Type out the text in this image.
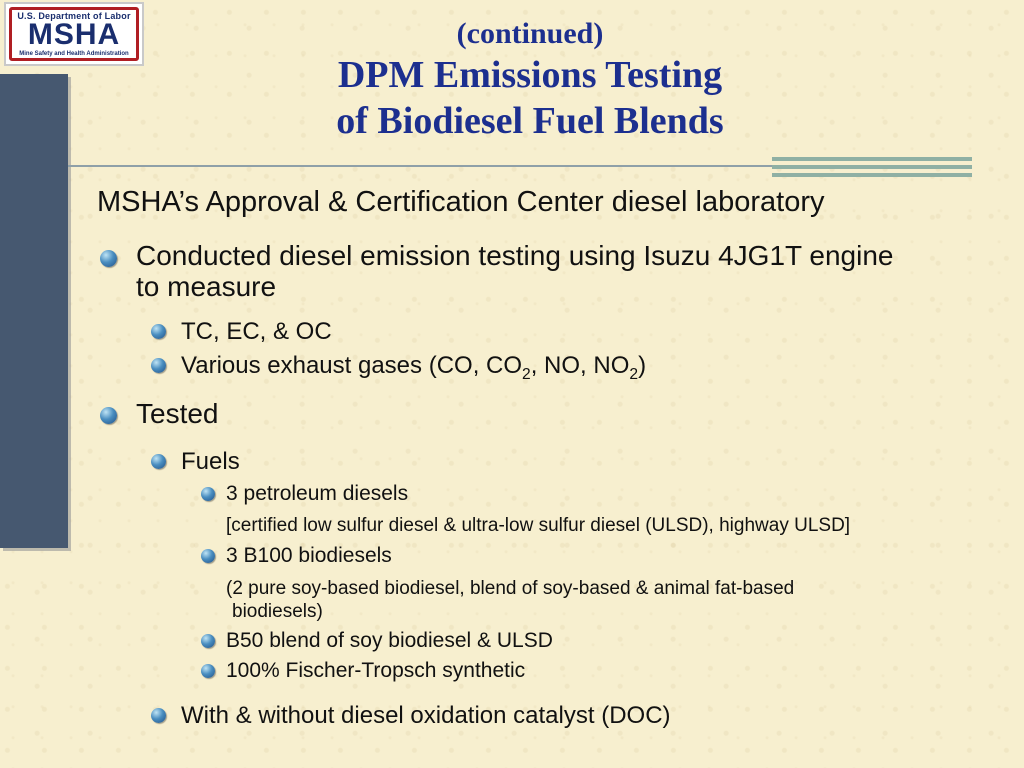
U.S. Department of Labor
MSHA
Mine Safety and Health Administration
(continued)
DPM Emissions Testing
of Biodiesel Fuel Blends
MSHA’s Approval & Certification Center diesel laboratory
Conducted diesel emission testing using Isuzu 4JG1T engine
to measure
TC, EC, & OC
Various exhaust gases (CO, $CO_2$, NO, $NO_2$)
Tested
Fuels
3 petroleum diesels
[certified low sulfur diesel & ultra-low sulfur diesel (ULSD), highway ULSD]
3 B100 biodiesels
(2 pure soy-based biodiesel, blend of soy-based & animal fat-based
biodiesels)
B50 blend of soy biodiesel & ULSD
100% Fischer-Tropsch synthetic
With & without diesel oxidation catalyst (DOC)
